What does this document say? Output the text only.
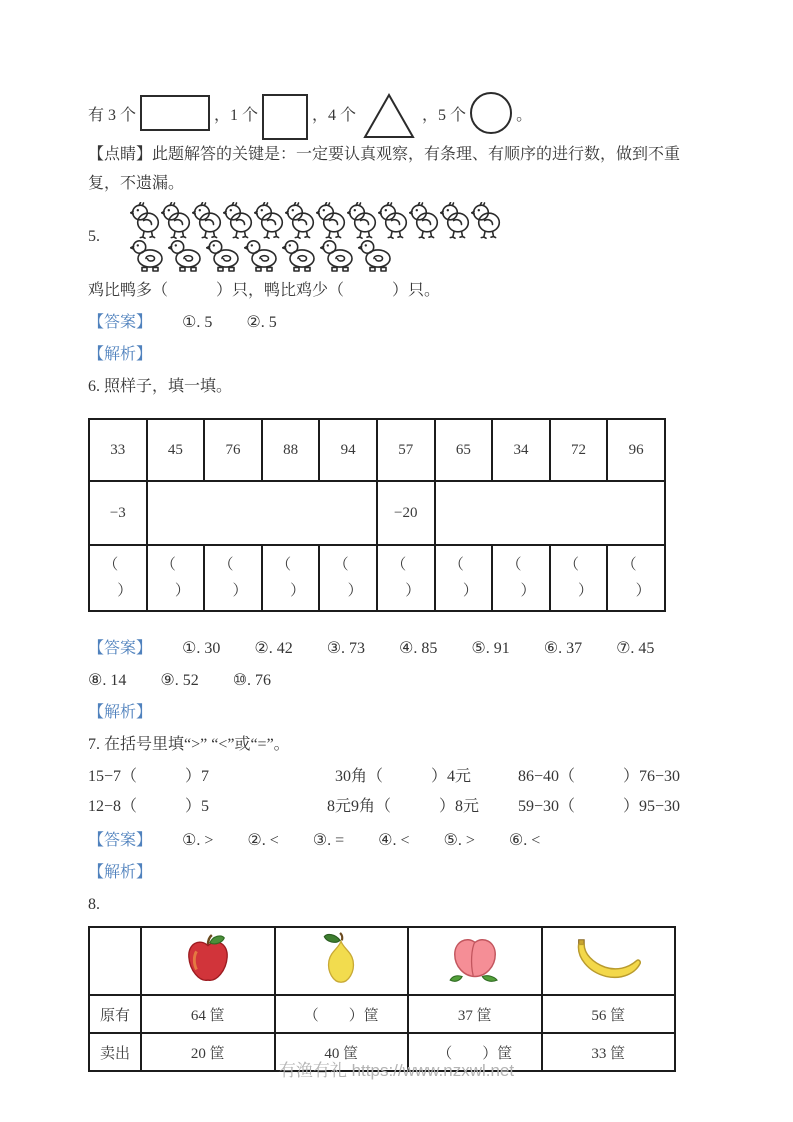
有 3 个	，1 个	，4 个	，5 个	。

【点睛】此题解答的关键是：一定要认真观察，有条理、有顺序的进行数，做到不重复，不遗漏。

5.

鸡比鸭多（　　　）只，鸭比鸡少（　　　）只。

【答案】 ①. 5 ②. 5

【解析】

6. 照样子，填一填。

33	45	76	88	94	57	65	34	72	96
−3					−20				

（
）	（
）	（
）	（
）	（
）	（
）	（
）	（
）	（
）	（
）

【答案】 ①. 30 ②. 42 ③. 73 ④. 85 ⑤. 91 ⑥. 37 ⑦. 45

⑧. 14 ⑨. 52 ⑩. 76

【解析】

7. 在括号里填“>” “<”或“=”。

15−7（　　　）7	30角（　　　）4元	86−40（　　　）76−30
12−8（　　　）5	8元9角（　　　）8元	59−30（　　　）95−30

【答案】 ①. > ②. < ③. = ④. < ⑤. > ⑥. <

【解析】

8.

原有	64 筐	（　　）筐	37 筐	56 筐
卖出	20 筐	40 筐	（　　）筐	33 筐
有渔有礼 https://www.nzxwl.net
